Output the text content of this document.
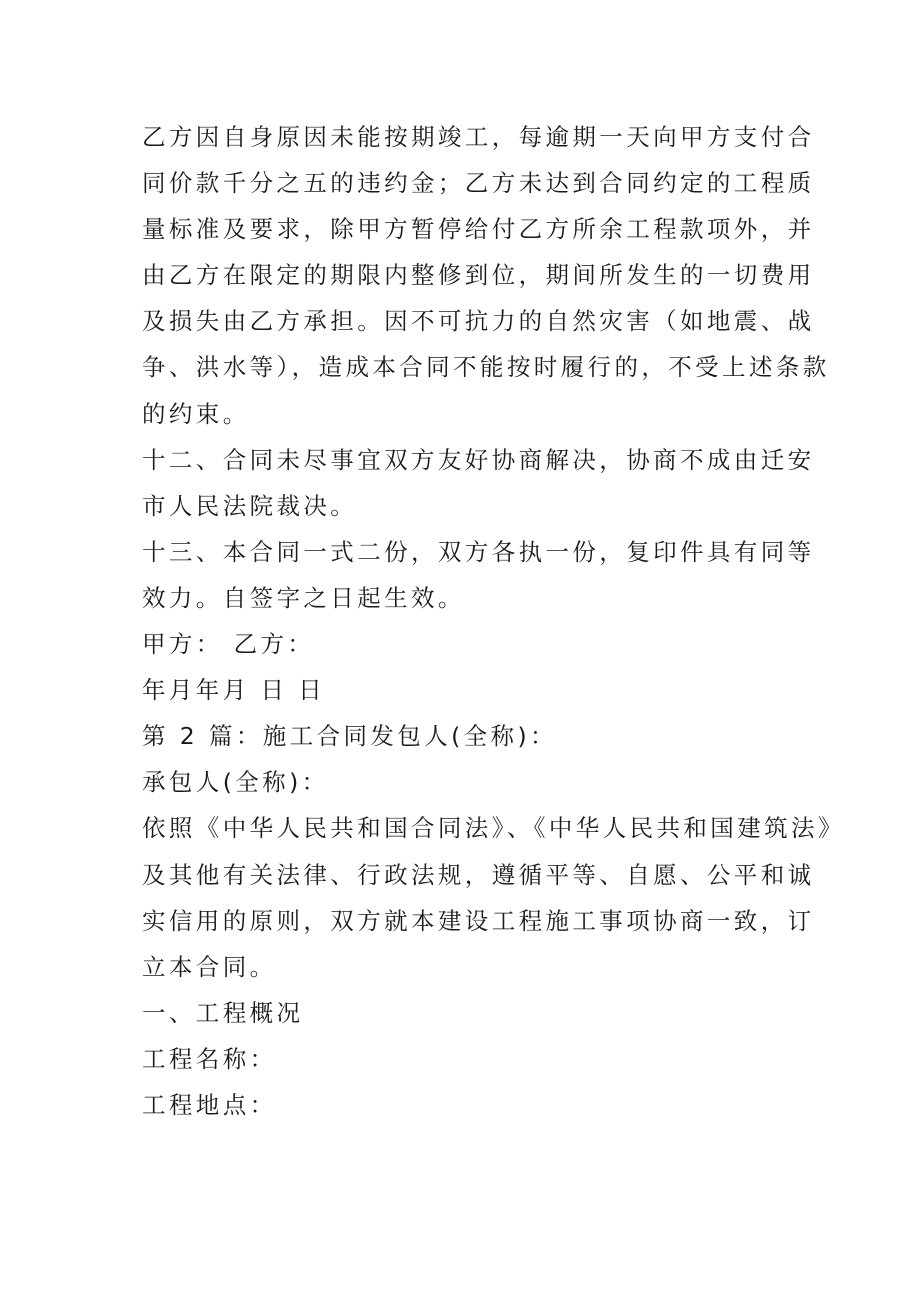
乙方因自身原因未能按期竣工，每逾期一天向甲方支付合
同价款千分之五的违约金；乙方未达到合同约定的工程质
量标准及要求，除甲方暂停给付乙方所余工程款项外，并
由乙方在限定的期限内整修到位，期间所发生的一切费用
及损失由乙方承担。因不可抗力的自然灾害（如地震、战
争、洪水等），造成本合同不能按时履行的，不受上述条款
的约束。
十二、合同未尽事宜双方友好协商解决，协商不成由迁安
市人民法院裁决。
十三、本合同一式二份，双方各执一份，复印件具有同等
效力。自签字之日起生效。
甲方： 乙方：
年月年月 日 日
第 2 篇：施工合同发包人(全称)：
承包人(全称)：
依照《中华人民共和国合同法》、《中华人民共和国建筑法》
及其他有关法律、行政法规，遵循平等、自愿、公平和诚
实信用的原则，双方就本建设工程施工事项协商一致，订
立本合同。
一、工程概况
工程名称：
工程地点：
